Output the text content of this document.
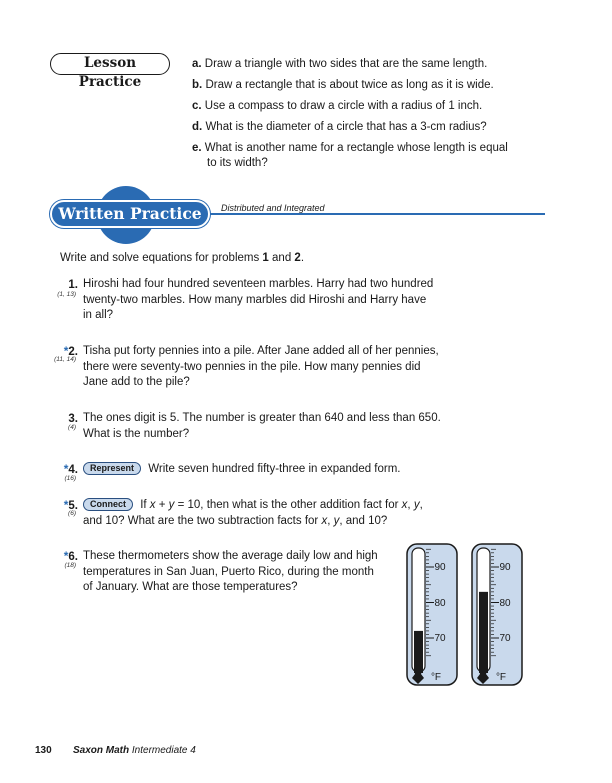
Lesson Practice
a. Draw a triangle with two sides that are the same length.
b. Draw a rectangle that is about twice as long as it is wide.
c. Use a compass to draw a circle with a radius of 1 inch.
d. What is the diameter of a circle that has a 3-cm radius?
e. What is another name for a rectangle whose length is equal
to its width?
Written Practice	Distributed and Integrated
Write and solve equations for problems 1 and 2.
1.
(1, 13)
Hiroshi had four hundred seventeen marbles. Harry had two hundred
twenty-two marbles. How many marbles did Hiroshi and Harry have
in all?
*2.
(11, 14)
Tisha put forty pennies into a pile. After Jane added all of her pennies,
there were seventy-two pennies in the pile. How many pennies did
Jane add to the pile?
3.
(4)
The ones digit is 5. The number is greater than 640 and less than 650.
What is the number?
*4.
(16)
Represent Write seven hundred fifty-three in expanded form.
*5.
(6)
Connect If x + y = 10, then what is the other addition fact for x, y,
and 10? What are the two subtraction facts for x, y, and 10?
*6.
(18)
These thermometers show the average daily low and high
temperatures in San Juan, Puerto Rico, during the month
of January. What are those temperatures?
90
80
70
°F
90
80
70
°F
130 Saxon Math Intermediate 4
